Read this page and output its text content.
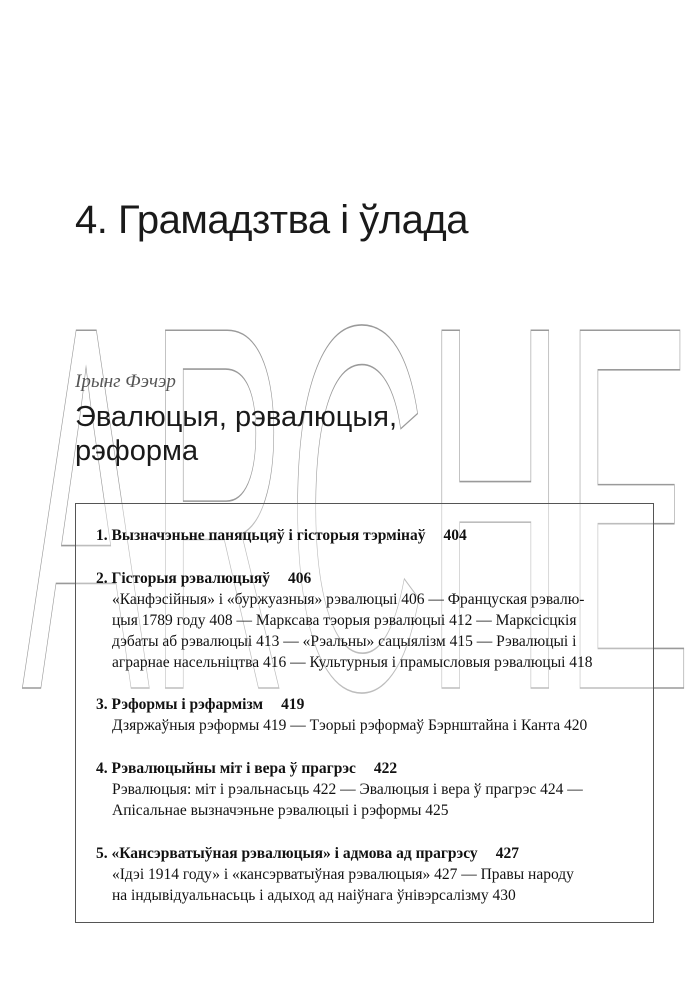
ARCHE
4. Грамадзтва і ўлада
Ірынг Фэчэр
Эвалюцыя, рэвалюцыя,
рэформа
1. Вызначэньне паняцьцяў і гісторыя тэрмінаў 404
2. Гісторыя рэвалюцыяў 406
«Канфэсійныя» і «буржуазныя» рэвалюцыі 406 — Француская рэвалю-
цыя 1789 году 408 — Марксава тэорыя рэвалюцыі 412 — Марксісцкія
дэбаты аб рэвалюцыі 413 — «Рэальны» сацыялізм 415 — Рэвалюцыі і
аграрнае насельніцтва 416 — Культурныя і прамысловыя рэвалюцыі 418
3. Рэформы і рэфармізм 419
Дзяржаўныя рэформы 419 — Тэорыі рэформаў Бэрнштайна і Канта 420
4. Рэвалюцыйны міт і вера ў прагрэс 422
Рэвалюцыя: міт і рэальнасьць 422 — Эвалюцыя і вера ў прагрэс 424 —
Апісальнае вызначэньне рэвалюцыі і рэформы 425
5. «Кансэрватыўная рэвалюцыя» і адмова ад прагрэсу 427
«Ідэі 1914 году» і «кансэрватыўная рэвалюцыя» 427 — Правы народу
на індывідуальнасьць і адыход ад наіўнага ўнівэрсалізму 430
